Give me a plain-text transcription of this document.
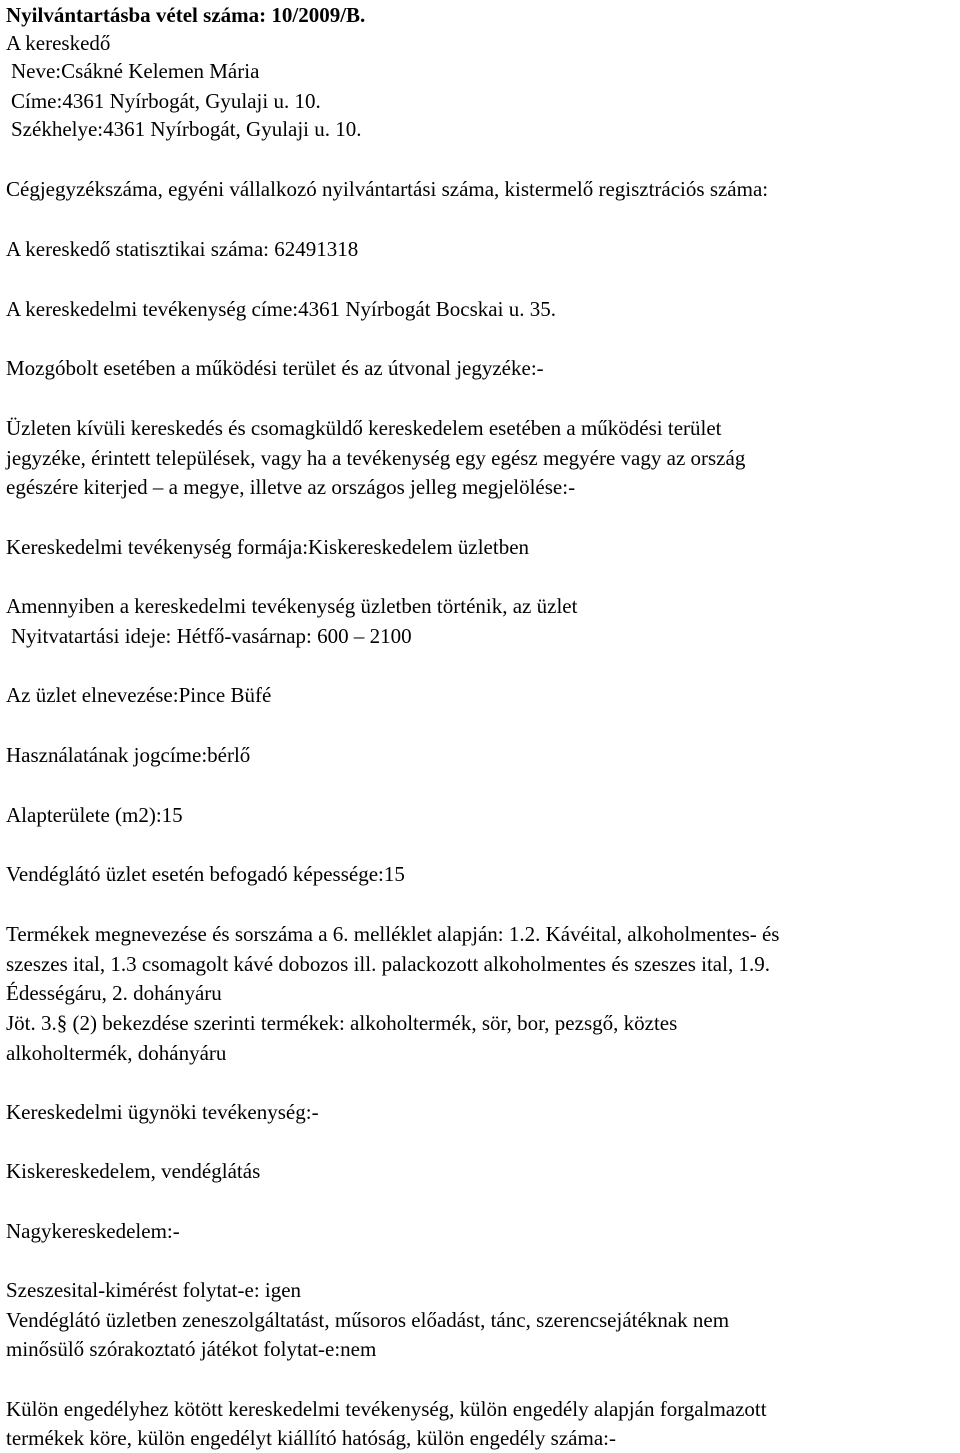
Nyilvántartásba vétel száma: 10/2009/B.
A kereskedő
Neve:Csákné Kelemen Mária
Címe:4361 Nyírbogát, Gyulaji u. 10.
Székhelye:4361 Nyírbogát, Gyulaji u. 10.
Cégjegyzékszáma, egyéni vállalkozó nyilvántartási száma, kistermelő regisztrációs száma:
A kereskedő statisztikai száma: 62491318
A kereskedelmi tevékenység címe:4361 Nyírbogát Bocskai u. 35.
Mozgóbolt esetében a működési terület és az útvonal jegyzéke:-
Üzleten kívüli kereskedés és csomagküldő kereskedelem esetében a működési terület
jegyzéke, érintett települések, vagy ha a tevékenység egy egész megyére vagy az ország
egészére kiterjed – a megye, illetve az országos jelleg megjelölése:-
Kereskedelmi tevékenység formája:Kiskereskedelem üzletben
Amennyiben a kereskedelmi tevékenység üzletben történik, az üzlet
Nyitvatartási ideje: Hétfő-vasárnap: 600 – 2100
Az üzlet elnevezése:Pince Büfé
Használatának jogcíme:bérlő
Alapterülete (m2):15
Vendéglátó üzlet esetén befogadó képessége:15
Termékek megnevezése és sorszáma a 6. melléklet alapján: 1.2. Kávéital, alkoholmentes- és
szeszes ital, 1.3 csomagolt kávé dobozos ill. palackozott alkoholmentes és szeszes ital, 1.9.
Édességáru, 2. dohányáru
Jöt. 3.§ (2) bekezdése szerinti termékek: alkoholtermék, sör, bor, pezsgő, köztes
alkoholtermék, dohányáru
Kereskedelmi ügynöki tevékenység:-
Kiskereskedelem, vendéglátás
Nagykereskedelem:-
Szeszesital-kimérést folytat-e: igen
Vendéglátó üzletben zeneszolgáltatást, műsoros előadást, tánc, szerencsejátéknak nem
minősülő szórakoztató játékot folytat-e:nem
Külön engedélyhez kötött kereskedelmi tevékenység, külön engedély alapján forgalmazott
termékek köre, külön engedélyt kiállító hatóság, külön engedély száma:-
